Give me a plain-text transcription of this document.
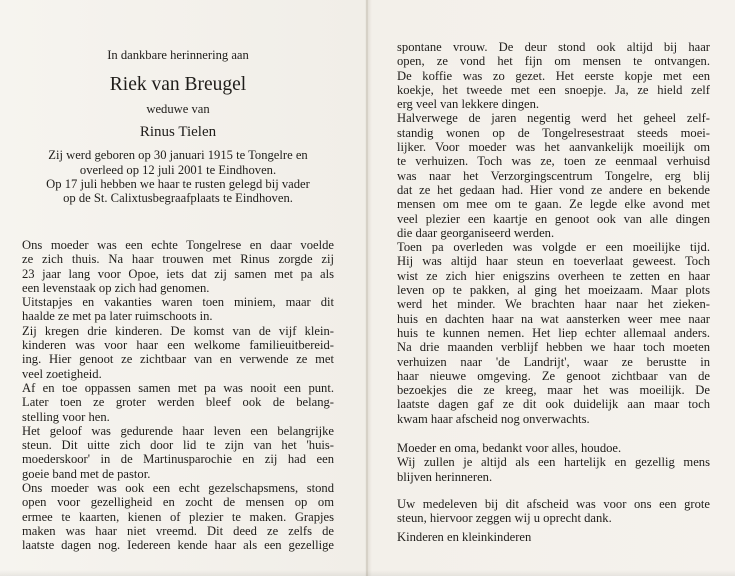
In dankbare herinnering aan
Riek van Breugel
weduwe van
Rinus Tielen
Zij werd geboren op 30 januari 1915 te Tongelre en
overleed op 12 juli 2001 te Eindhoven.
Op 17 juli hebben we haar te rusten gelegd bij vader
op de St. Calixtusbegraafplaats te Eindhoven.
Ons moeder was een echte Tongelrese en daar voelde
ze zich thuis. Na haar trouwen met Rinus zorgde zij
23 jaar lang voor Opoe, iets dat zij samen met pa als
een levenstaak op zich had genomen.
Uitstapjes en vakanties waren toen miniem, maar dit
haalde ze met pa later ruimschoots in.
Zij kregen drie kinderen. De komst van de vijf klein-
kinderen was voor haar een welkome familieuitbereid-
ing. Hier genoot ze zichtbaar van en verwende ze met
veel zoetigheid.
Af en toe oppassen samen met pa was nooit een punt.
Later toen ze groter werden bleef ook de belang-
stelling voor hen.
Het geloof was gedurende haar leven een belangrijke
steun. Dit uitte zich door lid te zijn van het 'huis-
moederskoor' in de Martinusparochie en zij had een
goeie band met de pastor.
Ons moeder was ook een echt gezelschapsmens, stond
open voor gezelligheid en zocht de mensen op om
ermee te kaarten, kienen of plezier te maken. Grapjes
maken was haar niet vreemd. Dit deed ze zelfs de
laatste dagen nog. Iedereen kende haar als een gezellige
spontane vrouw. De deur stond ook altijd bij haar
open, ze vond het fijn om mensen te ontvangen.
De koffie was zo gezet. Het eerste kopje met een
koekje, het tweede met een snoepje. Ja, ze hield zelf
erg veel van lekkere dingen.
Halverwege de jaren negentig werd het geheel zelf-
standig wonen op de Tongelresestraat steeds moei-
lijker. Voor moeder was het aanvankelijk moeilijk om
te verhuizen. Toch was ze, toen ze eenmaal verhuisd
was naar het Verzorgingscentrum Tongelre, erg blij
dat ze het gedaan had. Hier vond ze andere en bekende
mensen om mee om te gaan. Ze legde elke avond met
veel plezier een kaartje en genoot ook van alle dingen
die daar georganiseerd werden.
Toen pa overleden was volgde er een moeilijke tijd.
Hij was altijd haar steun en toeverlaat geweest. Toch
wist ze zich hier enigszins overheen te zetten en haar
leven op te pakken, al ging het moeizaam. Maar plots
werd het minder. We brachten haar naar het zieken-
huis en dachten haar na wat aansterken weer mee naar
huis te kunnen nemen. Het liep echter allemaal anders.
Na drie maanden verblijf hebben we haar toch moeten
verhuizen naar 'de Landrijt', waar ze berustte in
haar nieuwe omgeving. Ze genoot zichtbaar van de
bezoekjes die ze kreeg, maar het was moeilijk. De
laatste dagen gaf ze dit ook duidelijk aan maar toch
kwam haar afscheid nog onverwachts.
Moeder en oma, bedankt voor alles, houdoe.
Wij zullen je altijd als een hartelijk en gezellig mens
blijven herinneren.
Uw medeleven bij dit afscheid was voor ons een grote
steun, hiervoor zeggen wij u oprecht dank.
Kinderen en kleinkinderen
